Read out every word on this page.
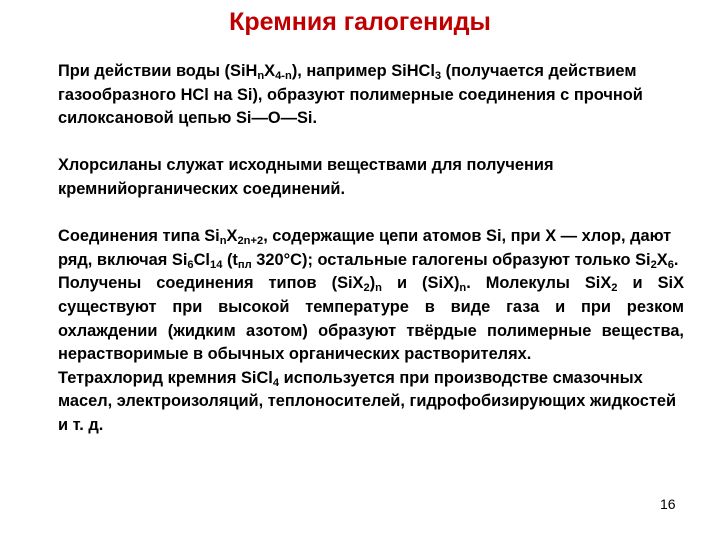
Кремния галогениды

При действии воды $(SiH_nX_{4-n})$, например SiHCl$_3$ (получается действием газообразного HCl на Si), образуют полимерные соединения с прочной силоксановой цепью Si—O—Si.

Хлорсиланы служат исходными веществами для получения кремнийорганических соединений.

Соединения типа $Si_nX_{2n+2}$, содержащие цепи атомов Si, при X — хлор, дают ряд, включая $Si_6Cl_{14}$ ($t_{пл}$ 320°C); остальные галогены образуют только $Si_2X_6$.

Получены соединения типов $(SiX_2)_n$ и $(SiX)_n$. Молекулы SiX$_2$ и SiX существуют при высокой температуре в виде газа и при резком охлаждении (жидким азотом) образуют твёрдые полимерные вещества, нерастворимые в обычных органических растворителях.

Тетрахлорид кремния SiCl$_4$ используется при производстве смазочных масел, электроизоляций, теплоносителей, гидрофобизирующих жидкостей и т. д.

16
